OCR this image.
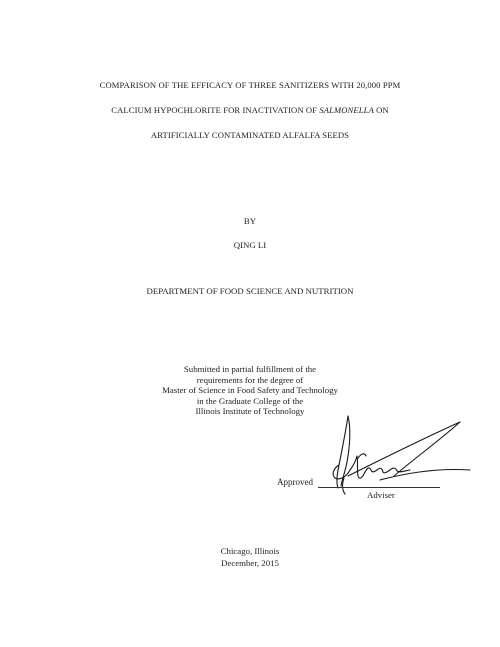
COMPARISON OF THE EFFICACY OF THREE SANITIZERS WITH 20,000 PPM
CALCIUM HYPOCHLORITE FOR INACTIVATION OF SALMONELLA ON
ARTIFICIALLY CONTAMINATED ALFALFA SEEDS
BY
QING LI
DEPARTMENT OF FOOD SCIENCE AND NUTRITION
Submitted in partial fulfillment of the
requirements for the degree of
Master of Science in Food Safety and Technology
in the Graduate College of the
Illinois Institute of Technology
Approved
Adviser
Chicago, Illinois
December, 2015
